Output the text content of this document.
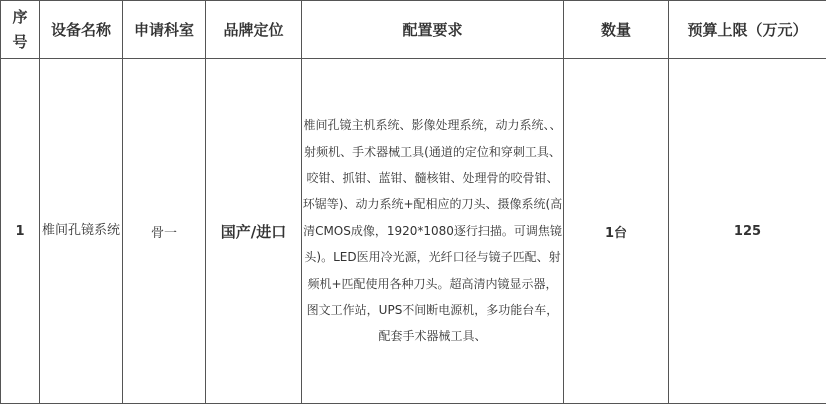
序
号	设备名称	申请科室	品牌定位	配置要求	数量	预算上限（万元）
1	椎间孔镜系统	骨一	国产/进口	椎间孔镜主机系统、影像处理系统，动力系统、、射频机、手术器械工具(通道的定位和穿刺工具、咬钳、抓钳、蓝钳、髓核钳、处理骨的咬骨钳、环锯等)、动力系统+配相应的刀头、摄像系统(高清CMOS成像，1920*1080逐行扫描。可调焦镜头)。LED医用冷光源，光纤口径与镜子匹配、射频机+匹配使用各种刀头。超高清内镜显示器，图文工作站，UPS不间断电源机，多功能台车，配套手术器械工具、	1台	125
